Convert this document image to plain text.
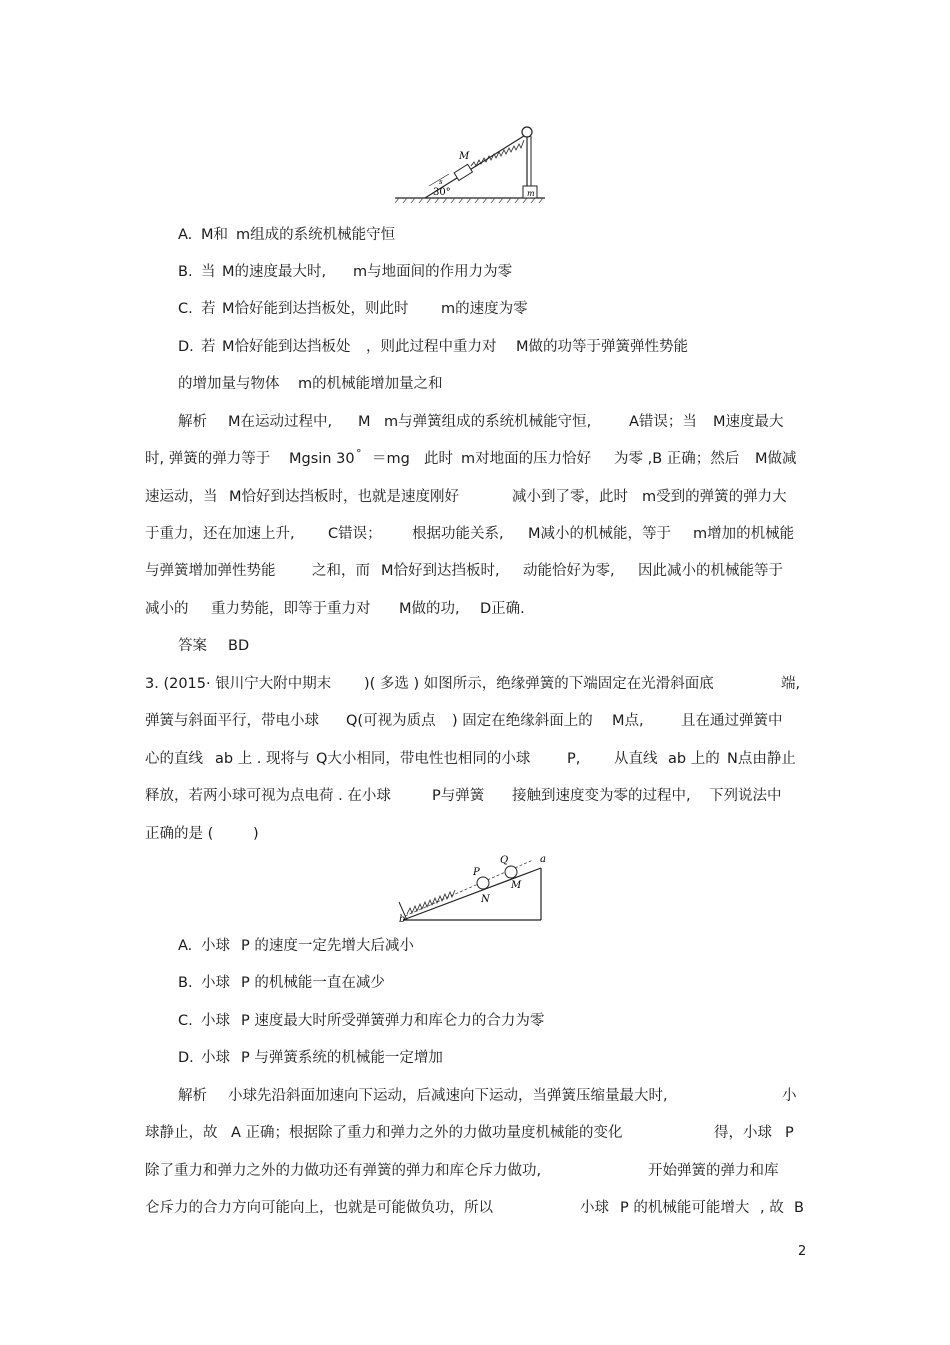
M
s
30°	m
A. M和 m组成的系统机械能守恒
B. 当 M的速度最大时, m与地面间的作用力为零
C. 若 M恰好能到达挡板处，则此时 m的速度为零
D. 若 M恰好能到达挡板处 ，则此过程中重力对 M做的功等于弹簧弹性势能
的增加量与物体 m的机械能增加量之和
解析 M在运动过程中, M m与弹簧组成的系统机械能守恒,	A错误；当 M速度最大
时, 弹簧的弹力等于 Mgsin 30 ° ＝mg 此时 m对地面的压力恰好 为零 ,B 正确；然后 M做减
速运动，当 M恰好到达挡板时，也就是速度刚好	减小到了零，此时 m受到的弹簧的弹力大
于重力，还在加速上升, C错误； 根据功能关系, M减小的机械能，等于 m增加的机械能
与弹簧增加弹性势能	之和，而 M恰好到达挡板时, 动能恰好为零, 因此减小的机械能等于
减小的 重力势能，即等于重力对 M做的功, D正确.
答案 BD
3. (2015· 银川宁大附中期末 )( 多选 ) 如图所示，绝缘弹簧的下端固定在光滑斜面底	端,
弹簧与斜面平行，带电小球 Q(可视为质点 ) 固定在绝缘斜面上的 M点,	且在通过弹簧中
心的直线 ab 上 . 现将与 Q大小相同，带电性也相同的小球	P, 从直线 ab 上的 N点由静止
释放，若两小球可视为点电荷 . 在小球	P与弹簧 接触到速度变为零的过程中, 下列说法中
正确的是 (	)
P
Q	a
M
N
b
A. 小球 P 的速度一定先增大后减小
B. 小球 P 的机械能一直在减少
C. 小球 P 速度最大时所受弹簧弹力和库仑力的合力为零
D. 小球 P 与弹簧系统的机械能一定增加
解析 小球先沿斜面加速向下运动，后减速向下运动，当弹簧压缩量最大时,	小
球静止，故 A 正确；根据除了重力和弹力之外的力做功量度机械能的变化	得，小球 P
除了重力和弹力之外的力做功还有弹簧的弹力和库仑斥力做功,	开始弹簧的弹力和库
仑斥力的合力方向可能向上，也就是可能做负功，所以	小球 P 的机械能可能增大 , 故 B
2
